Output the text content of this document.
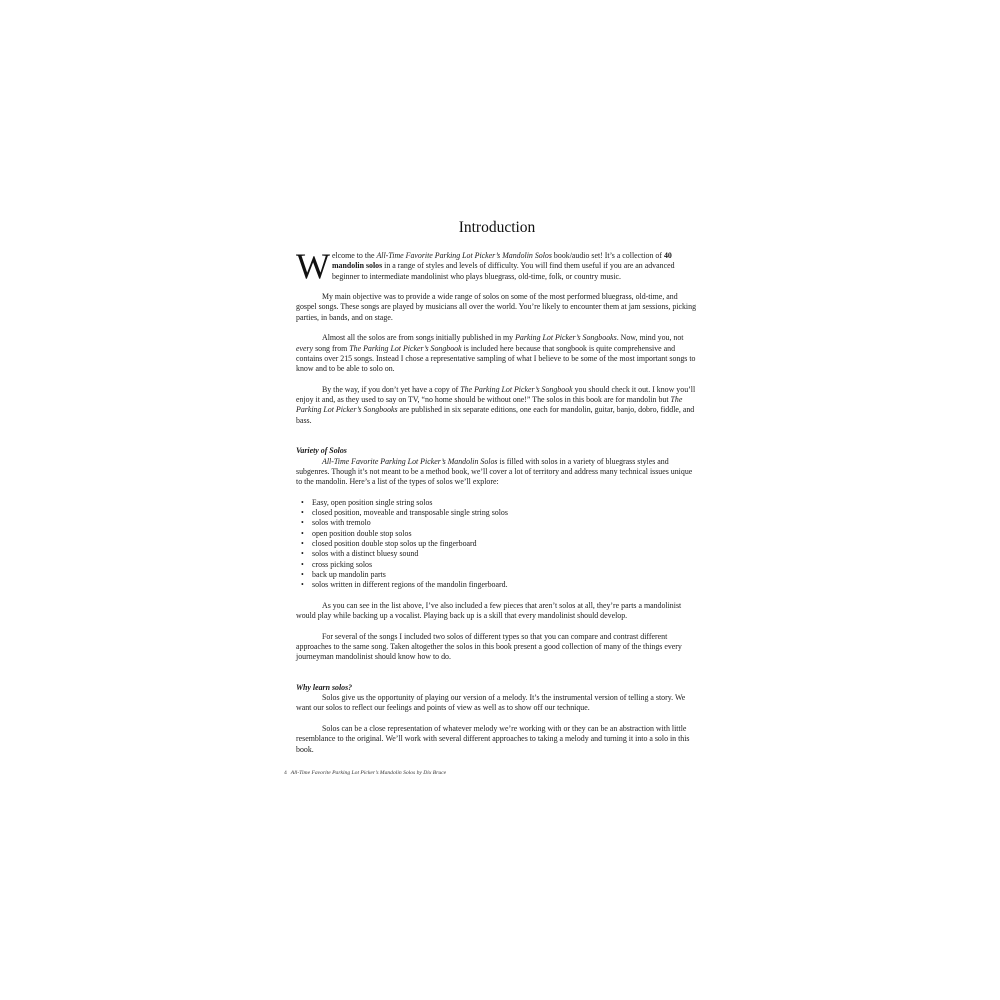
Introduction

Welcome to the All-Time Favorite Parking Lot Picker’s Mandolin Solos book/audio set! It’s a collection of 40 mandolin solos in a range of styles and levels of difficulty. You will find them useful if you are an advanced beginner to intermediate mandolinist who plays bluegrass, old-time, folk, or country music.

My main objective was to provide a wide range of solos on some of the most performed bluegrass, old-time, and gospel songs. These songs are played by musicians all over the world. You’re likely to encounter them at jam sessions, picking parties, in bands, and on stage.

Almost all the solos are from songs initially published in my Parking Lot Picker’s Songbooks. Now, mind you, not every song from The Parking Lot Picker’s Songbook is included here because that songbook is quite comprehensive and contains over 215 songs. Instead I chose a representative sampling of what I believe to be some of the most important songs to know and to be able to solo on.

By the way, if you don’t yet have a copy of The Parking Lot Picker’s Songbook you should check it out. I know you’ll enjoy it and, as they used to say on TV, “no home should be without one!” The solos in this book are for mandolin but The Parking Lot Picker’s Songbooks are published in six separate editions, one each for mandolin, guitar, banjo, dobro, fiddle, and bass.

Variety of Solos

All-Time Favorite Parking Lot Picker’s Mandolin Solos is filled with solos in a variety of bluegrass styles and subgenres. Though it’s not meant to be a method book, we’ll cover a lot of territory and address many technical issues unique to the mandolin. Here’s a list of the types of solos we’ll explore:

• Easy, open position single string solos
• closed position, moveable and transposable single string solos
• solos with tremolo
• open position double stop solos
• closed position double stop solos up the fingerboard
• solos with a distinct bluesy sound
• cross picking solos
• back up mandolin parts
• solos written in different regions of the mandolin fingerboard.

As you can see in the list above, I’ve also included a few pieces that aren’t solos at all, they’re parts a mandolinist would play while backing up a vocalist. Playing back up is a skill that every mandolinist should develop.

For several of the songs I included two solos of different types so that you can compare and contrast different approaches to the same song. Taken altogether the solos in this book present a good collection of many of the things every journeyman mandolinist should know how to do.

Why learn solos?

Solos give us the opportunity of playing our version of a melody. It’s the instrumental version of telling a story. We want our solos to reflect our feelings and points of view as well as to show off our technique.

Solos can be a close representation of whatever melody we’re working with or they can be an abstraction with little resemblance to the original. We’ll work with several different approaches to taking a melody and turning it into a solo in this book.

4 All-Time Favorite Parking Lot Picker’s Mandolin Solos by Dix Bruce
